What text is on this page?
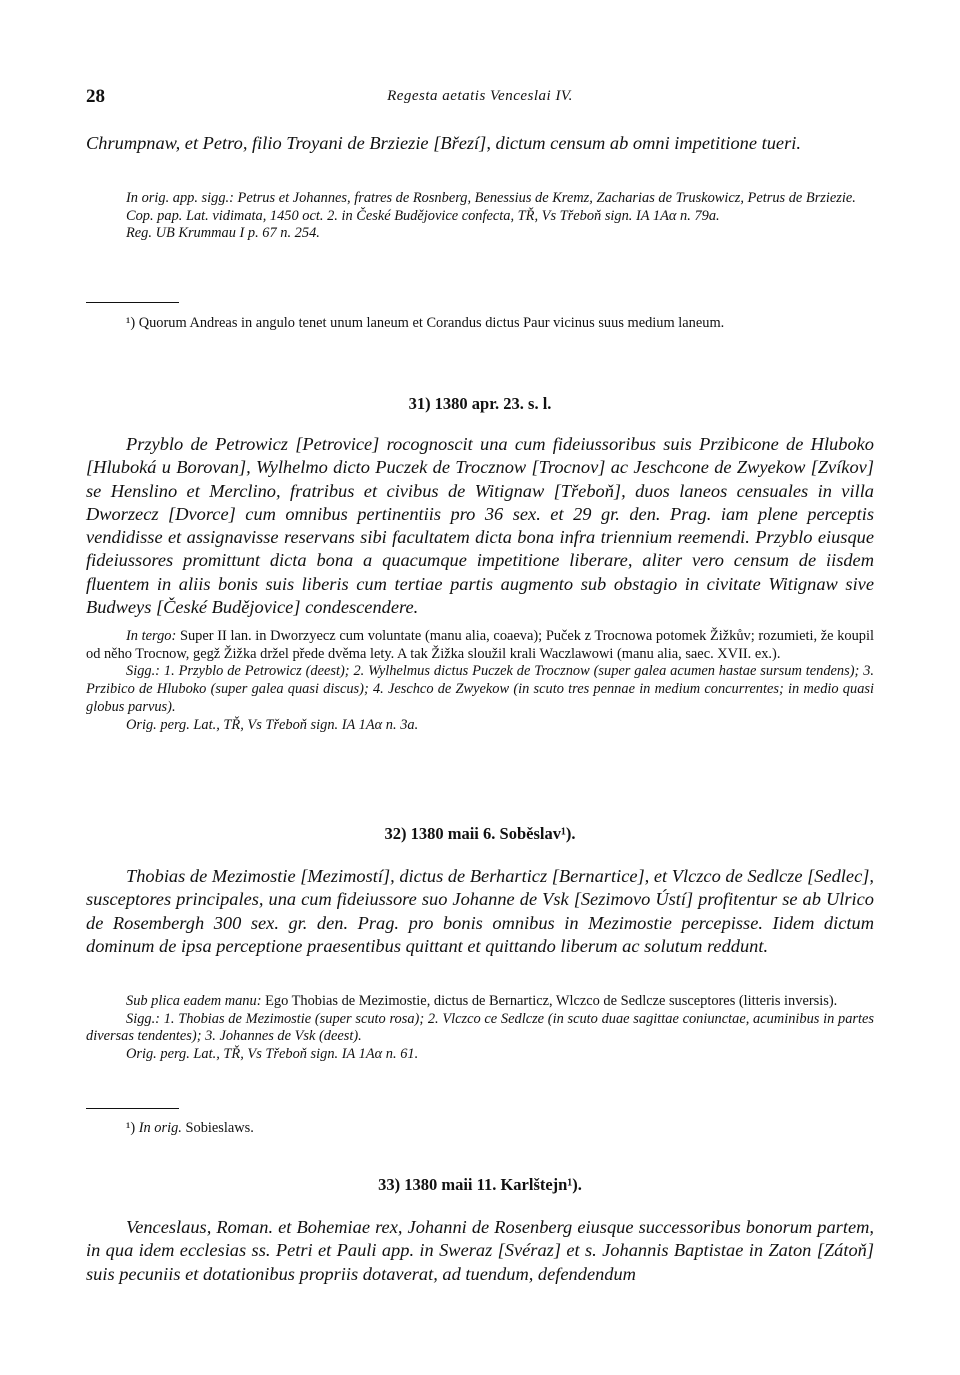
28	Regesta aetatis Venceslai IV.

Chrumpnaw, et Petro, filio Troyani de Brziezie [Březí], dictum censum ab omni impetitione tueri.

In orig. app. sigg.: Petrus et Johannes, fratres de Rosnberg, Benessius de Kremz, Zacharias de Truskowicz, Petrus de Brziezie.

Cop. pap. Lat. vidimata, 1450 oct. 2. in České Budějovice confecta, TŘ, Vs Třeboň sign. IA 1Aα n. 79a.

Reg. UB Krummau I p. 67 n. 254.

¹) Quorum Andreas in angulo tenet unum laneum et Corandus dictus Paur vicinus suus medium laneum.

31) 1380 apr. 23. s. l.

Przyblo de Petrowicz [Petrovice] rocognoscit una cum fideiussoribus suis Przibicone de Hluboko [Hluboká u Borovan], Wylhelmo dicto Puczek de Trocznow [Trocnov] ac Jeschcone de Zwyekow [Zvíkov] se Henslino et Merclino, fratribus et civibus de Witignaw [Třeboň], duos laneos censuales in villa Dworzecz [Dvorce] cum omnibus pertinentiis pro 36 sex. et 29 gr. den. Prag. iam plene perceptis vendidisse et assignavisse reservans sibi facultatem dicta bona infra triennium reemendi. Przyblo eiusque fideiussores promittunt dicta bona a quacumque impetitione liberare, aliter vero censum de iisdem fluentem in aliis bonis suis liberis cum tertiae partis augmento sub obstagio in civitate Witignaw sive Budweys [České Budějovice] condescendere.

In tergo: Super II lan. in Dworzyecz cum voluntate (manu alia, coaeva); Puček z Trocnowa potomek Žižkův; rozumieti, že koupil od něho Trocnow, gegž Žižka držel přede dvěma lety. A tak Žižka sloužil krali Waczlawowi (manu alia, saec. XVII. ex.).

Sigg.: 1. Przyblo de Petrowicz (deest); 2. Wylhelmus dictus Puczek de Trocznow (super galea acumen hastae sursum tendens); 3. Przibico de Hluboko (super galea quasi discus); 4. Jeschco de Zwyekow (in scuto tres pennae in medium concurrentes; in medio quasi globus parvus).

Orig. perg. Lat., TŘ, Vs Třeboň sign. IA 1Aα n. 3a.

32) 1380 maii 6. Soběslav¹).

Thobias de Mezimostie [Mezimostí], dictus de Berharticz [Bernartice], et Vlczco de Sedlcze [Sedlec], susceptores principales, una cum fideiussore suo Johanne de Vsk [Sezimovo Ústí] profitentur se ab Ulrico de Rosembergh 300 sex. gr. den. Prag. pro bonis omnibus in Mezimostie percepisse. Iidem dictum dominum de ipsa perceptione praesentibus quittant et quittando liberum ac solutum reddunt.

Sub plica eadem manu: Ego Thobias de Mezimostie, dictus de Bernarticz, Wlczco de Sedlcze susceptores (litteris inversis).

Sigg.: 1. Thobias de Mezimostie (super scuto rosa); 2. Vlczco ce Sedlcze (in scuto duae sagittae coniunctae, acuminibus in partes diversas tendentes); 3. Johannes de Vsk (deest).

Orig. perg. Lat., TŘ, Vs Třeboň sign. IA 1Aα n. 61.

¹) In orig. Sobieslaws.

33) 1380 maii 11. Karlštejn¹).

Venceslaus, Roman. et Bohemiae rex, Johanni de Rosenberg eiusque successoribus bonorum partem, in qua idem ecclesias ss. Petri et Pauli app. in Sweraz [Svéraz] et s. Johannis Baptistae in Zaton [Zátoň] suis pecuniis et dotationibus propriis dotaverat, ad tuendum, defendendum
